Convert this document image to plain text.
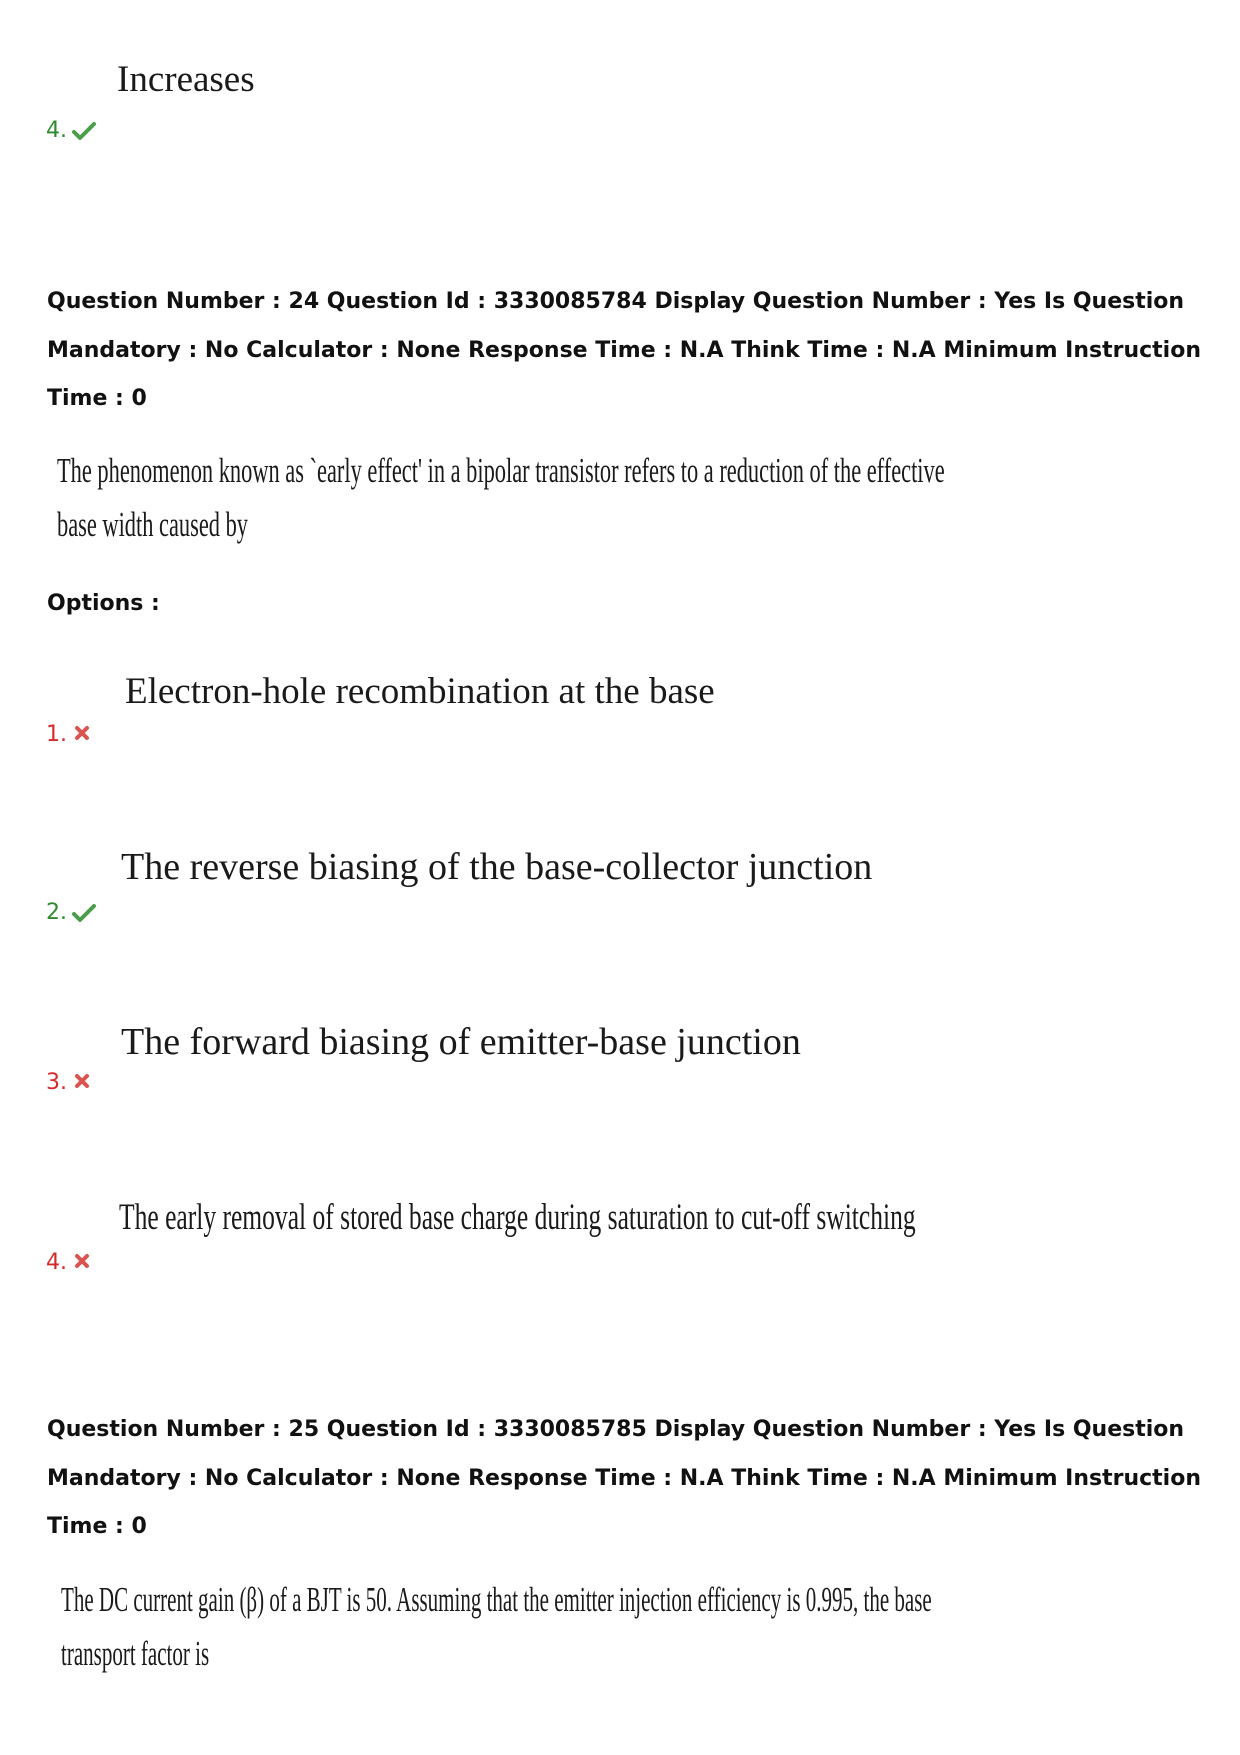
Increases
4.

Question Number : 24 Question Id : 3330085784 Display Question Number : Yes Is Question Mandatory : No Calculator : None Response Time : N.A Think Time : N.A Minimum Instruction Time : 0

The phenomenon known as `early effect' in a bipolar transistor refers to a reduction of the effective
base width caused by
Options :
Electron-hole recombination at the base
1.
The reverse biasing of the base-collector junction
2.
The forward biasing of emitter-base junction
3.
The early removal of stored base charge during saturation to cut-off switching
4.

Question Number : 25 Question Id : 3330085785 Display Question Number : Yes Is Question Mandatory : No Calculator : None Response Time : N.A Think Time : N.A Minimum Instruction Time : 0

The DC current gain (β) of a BJT is 50. Assuming that the emitter injection efficiency is 0.995, the base
transport factor is
